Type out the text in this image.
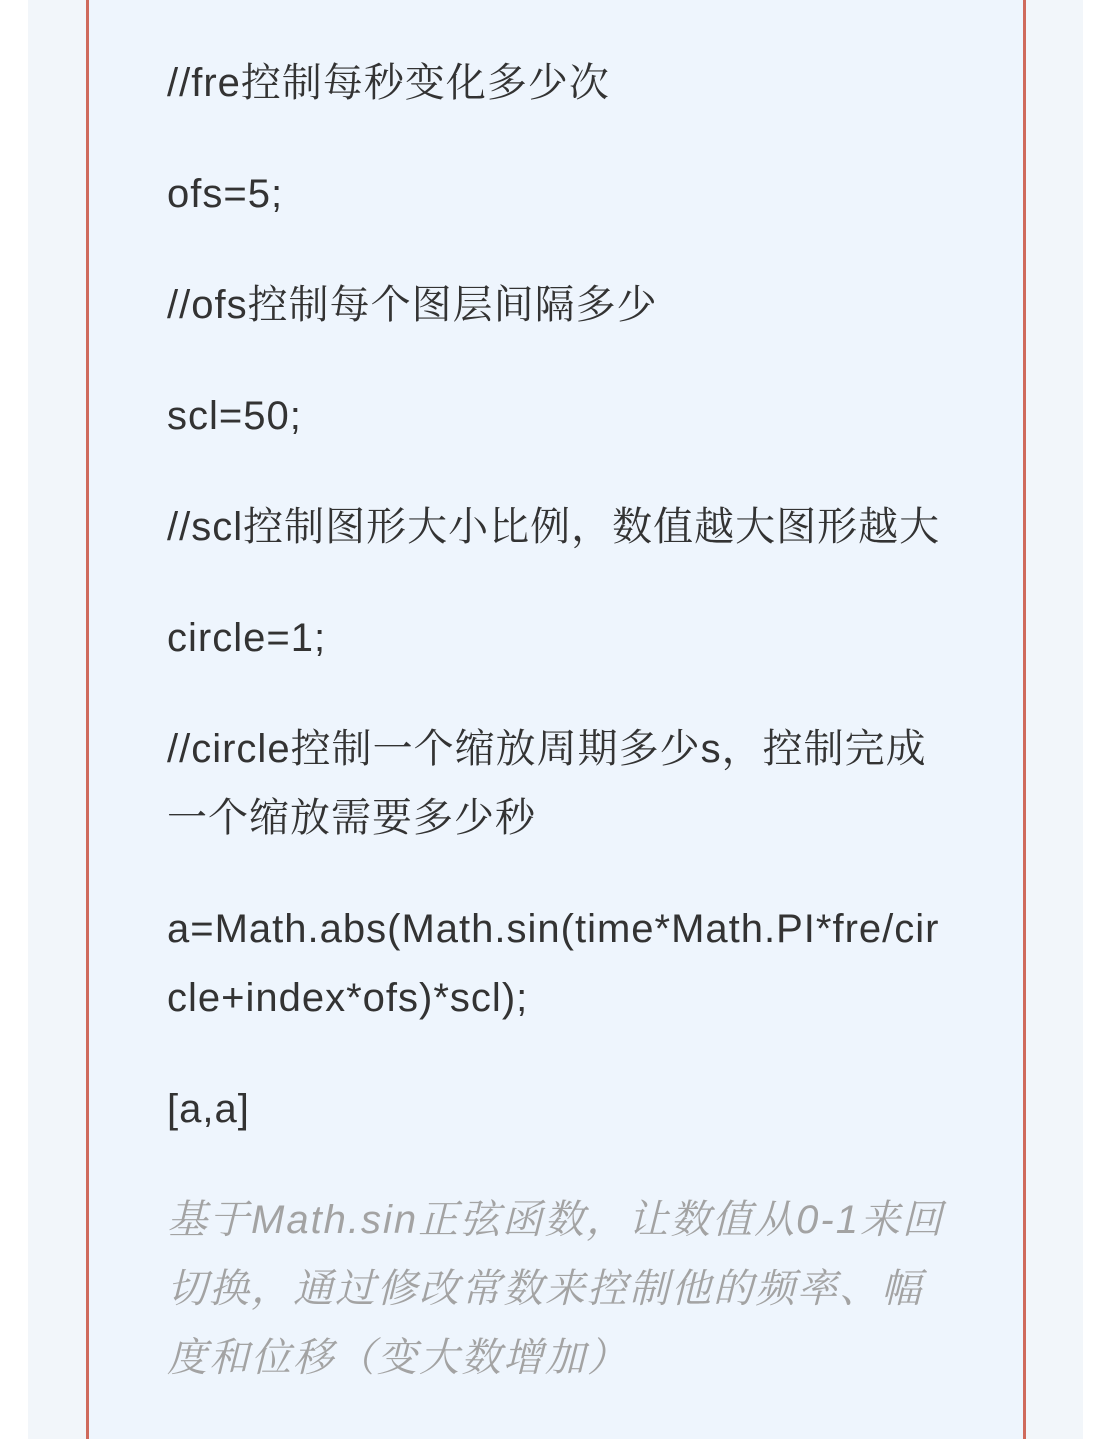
//fre控制每秒变化多少次

ofs=5;

//ofs控制每个图层间隔多少

scl=50;

//scl控制图形大小比例，数值越大图形越大

circle=1;

//circle控制一个缩放周期多少s，控制完成一个缩放需要多少秒

a=Math.abs(Math.sin(time*Math.PI*fre/circle+index*ofs)*scl);

[a,a]

基于Math.sin正弦函数，让数值从0-1来回切换，通过修改常数来控制他的频率、幅度和位移（变大数增加）
